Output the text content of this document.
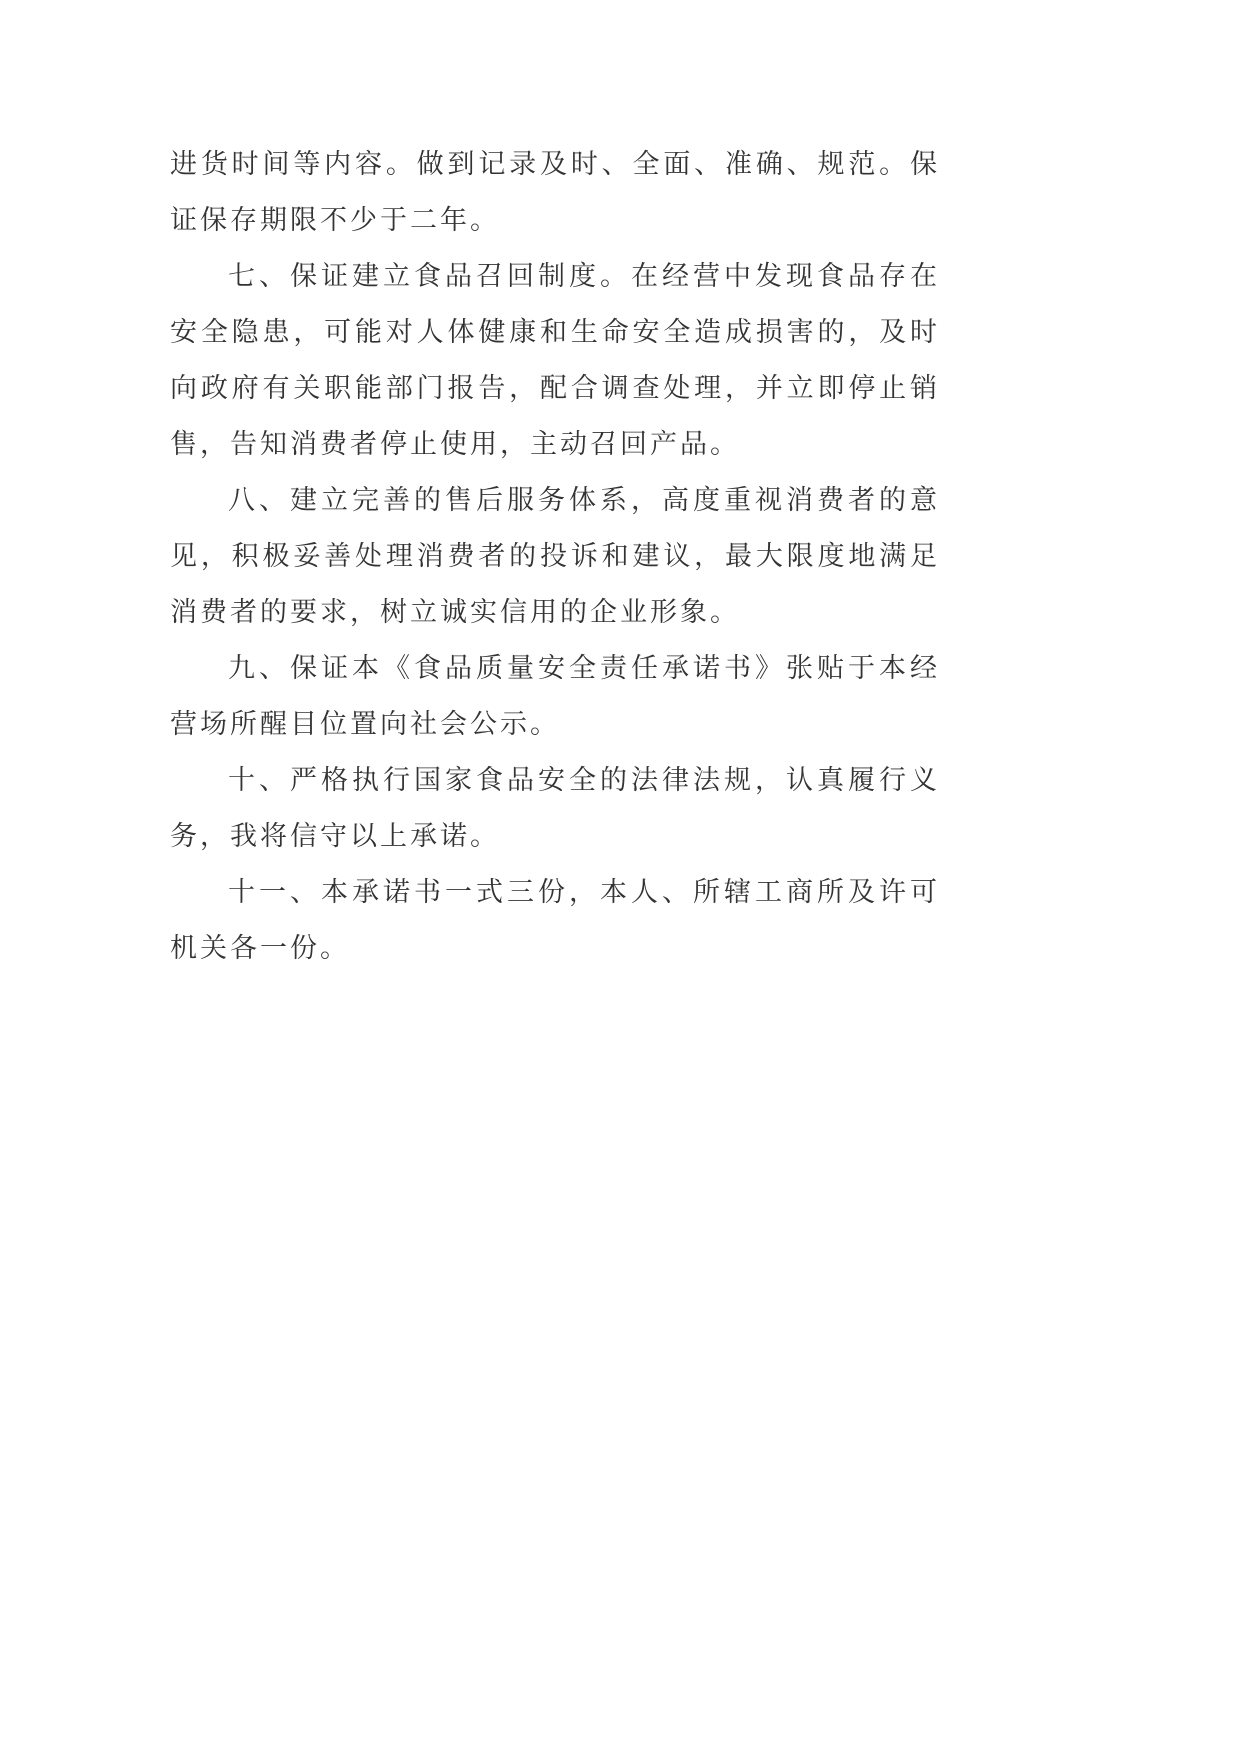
进货时间等内容。做到记录及时、全面、准确、规范。保证保存期限不少于二年。

七、保证建立食品召回制度。在经营中发现食品存在安全隐患，可能对人体健康和生命安全造成损害的，及时向政府有关职能部门报告，配合调查处理，并立即停止销售，告知消费者停止使用，主动召回产品。

八、建立完善的售后服务体系，高度重视消费者的意见，积极妥善处理消费者的投诉和建议，最大限度地满足消费者的要求，树立诚实信用的企业形象。

九、保证本《食品质量安全责任承诺书》张贴于本经营场所醒目位置向社会公示。

十、严格执行国家食品安全的法律法规，认真履行义务，我将信守以上承诺。

十一、本承诺书一式三份，本人、所辖工商所及许可机关各一份。
